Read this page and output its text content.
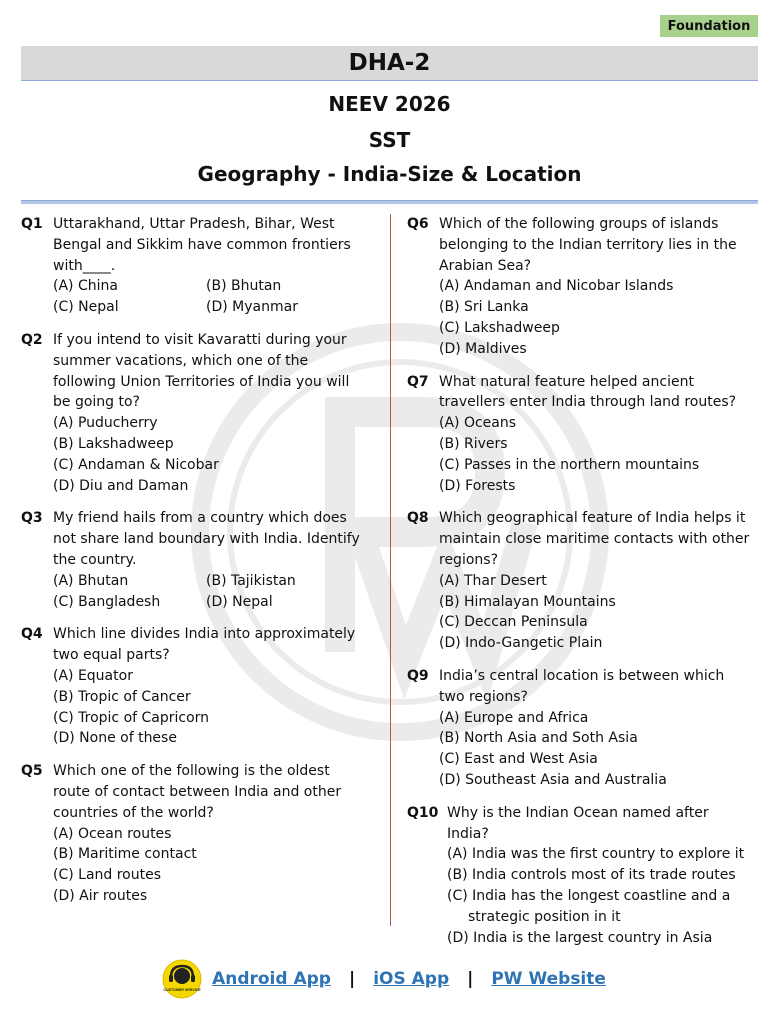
Foundation
DHA-2
NEEV 2026
SST
Geography - India-Size & Location
Q1 Uttarakhand, Uttar Pradesh, Bihar, West Bengal and Sikkim have common frontiers with____.
(A) China	(B) Bhutan
(C) Nepal	(D) Myanmar
Q2 If you intend to visit Kavaratti during your summer vacations, which one of the following Union Territories of India you will be going to?
(A) Puducherry
(B) Lakshadweep
(C) Andaman & Nicobar
(D) Diu and Daman
Q3 My friend hails from a country which does not share land boundary with India. Identify the country.
(A) Bhutan	(B) Tajikistan
(C) Bangladesh	(D) Nepal
Q4 Which line divides India into approximately two equal parts?
(A) Equator
(B) Tropic of Cancer
(C) Tropic of Capricorn
(D) None of these
Q5 Which one of the following is the oldest route of contact between India and other countries of the world?
(A) Ocean routes
(B) Maritime contact
(C) Land routes
(D) Air routes
Q6 Which of the following groups of islands belonging to the Indian territory lies in the Arabian Sea?
(A) Andaman and Nicobar Islands
(B) Sri Lanka
(C) Lakshadweep
(D) Maldives
Q7 What natural feature helped ancient travellers enter India through land routes?
(A) Oceans
(B) Rivers
(C) Passes in the northern mountains
(D) Forests
Q8 Which geographical feature of India helps it maintain close maritime contacts with other regions?
(A) Thar Desert
(B) Himalayan Mountains
(C) Deccan Peninsula
(D) Indo-Gangetic Plain
Q9 India’s central location is between which two regions?
(A) Europe and Africa
(B) North Asia and Soth Asia
(C) East and West Asia
(D) Southeast Asia and Australia
Q10 Why is the Indian Ocean named after India?
(A) India was the first country to explore it
(B) India controls most of its trade routes
(C) India has the longest coastline and a strategic position in it
(D) India is the largest country in Asia
CUSTOMER SERVICE
Android App | iOS App | PW Website
